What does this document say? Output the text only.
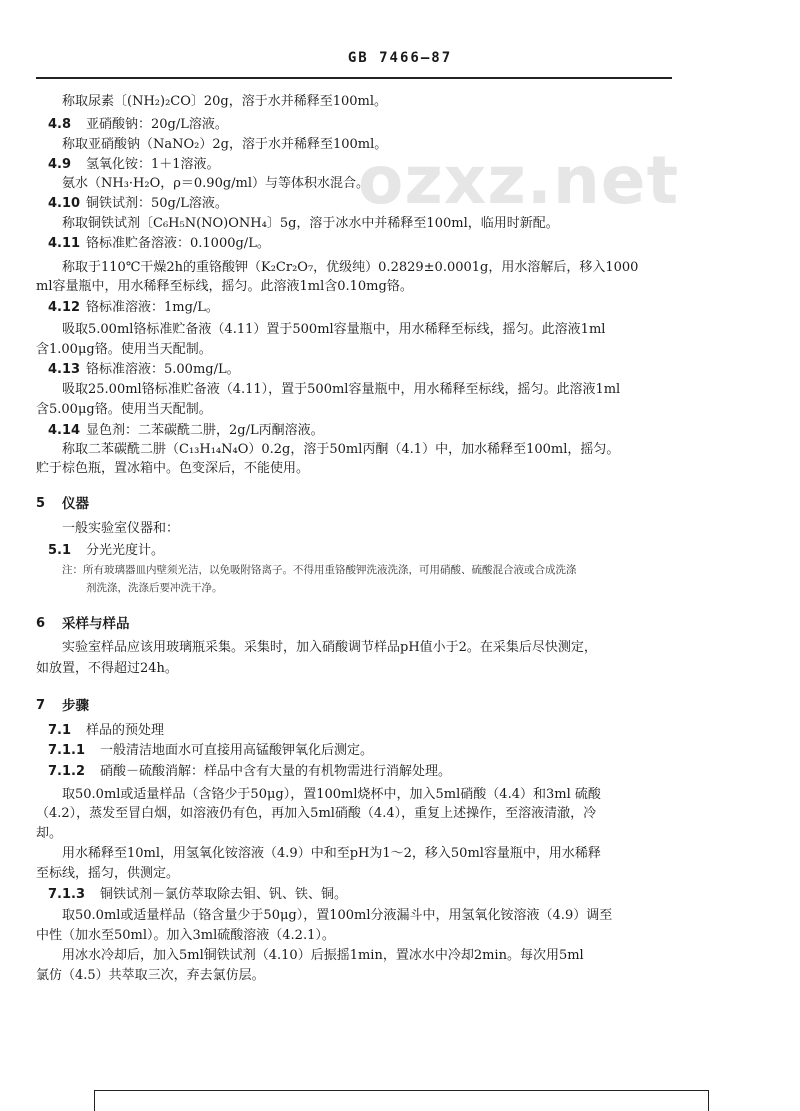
GB 7466—87
ozxz.net
称取尿素〔(NH₂)₂CO〕20g，溶于水并稀释至100ml。
4.8 亚硝酸钠：20g/L溶液。
称取亚硝酸钠（NaNO₂）2g，溶于水并稀释至100ml。
4.9 氢氧化铵：1＋1溶液。
氨水（NH₃·H₂O，ρ＝0.90g/ml）与等体积水混合。
4.10 铜铁试剂：50g/L溶液。
称取铜铁试剂〔C₆H₅N(NO)ONH₄〕5g，溶于冰水中并稀释至100ml，临用时新配。
4.11 铬标准贮备溶液：0.1000g/L。
称取于110℃干燥2h的重铬酸钾（K₂Cr₂O₇，优级纯）0.2829±0.0001g，用水溶解后，移入1000
ml容量瓶中，用水稀释至标线，摇匀。此溶液1ml含0.10mg铬。
4.12 铬标准溶液：1mg/L。
吸取5.00ml铬标准贮备液（4.11）置于500ml容量瓶中，用水稀释至标线，摇匀。此溶液1ml
含1.00μg铬。使用当天配制。
4.13 铬标准溶液：5.00mg/L。
吸取25.00ml铬标准贮备液（4.11），置于500ml容量瓶中，用水稀释至标线，摇匀。此溶液1ml
含5.00μg铬。使用当天配制。
4.14 显色剂：二苯碳酰二肼，2g/L丙酮溶液。
称取二苯碳酰二肼（C₁₃H₁₄N₄O）0.2g，溶于50ml丙酮（4.1）中，加水稀释至100ml，摇匀。
贮于棕色瓶，置冰箱中。色变深后，不能使用。
5 仪器
一般实验室仪器和：
5.1 分光光度计。
注：所有玻璃器皿内壁须光洁，以免吸附铬离子。不得用重铬酸钾洗液洗涤，可用硝酸、硫酸混合液或合成洗涤
剂洗涤，洗涤后要冲洗干净。
6 采样与样品
实验室样品应该用玻璃瓶采集。采集时，加入硝酸调节样品pH值小于2。在采集后尽快测定，
如放置，不得超过24h。
7 步骤
7.1 样品的预处理
7.1.1 一般清洁地面水可直接用高锰酸钾氧化后测定。
7.1.2 硝酸－硫酸消解：样品中含有大量的有机物需进行消解处理。
取50.0ml或适量样品（含铬少于50μg），置100ml烧杯中，加入5ml硝酸（4.4）和3ml 硫酸
（4.2），蒸发至冒白烟，如溶液仍有色，再加入5ml硝酸（4.4），重复上述操作，至溶液清澈，冷
却。
用水稀释至10ml，用氢氧化铵溶液（4.9）中和至pH为1～2，移入50ml容量瓶中，用水稀释
至标线，摇匀，供测定。
7.1.3 铜铁试剂－氯仿萃取除去钼、钒、铁、铜。
取50.0ml或适量样品（铬含量少于50μg），置100ml分液漏斗中，用氢氧化铵溶液（4.9）调至
中性（加水至50ml）。加入3ml硫酸溶液（4.2.1）。
用冰水冷却后，加入5ml铜铁试剂（4.10）后振摇1min，置冰水中冷却2min。每次用5ml
氯仿（4.5）共萃取三次，弃去氯仿层。
